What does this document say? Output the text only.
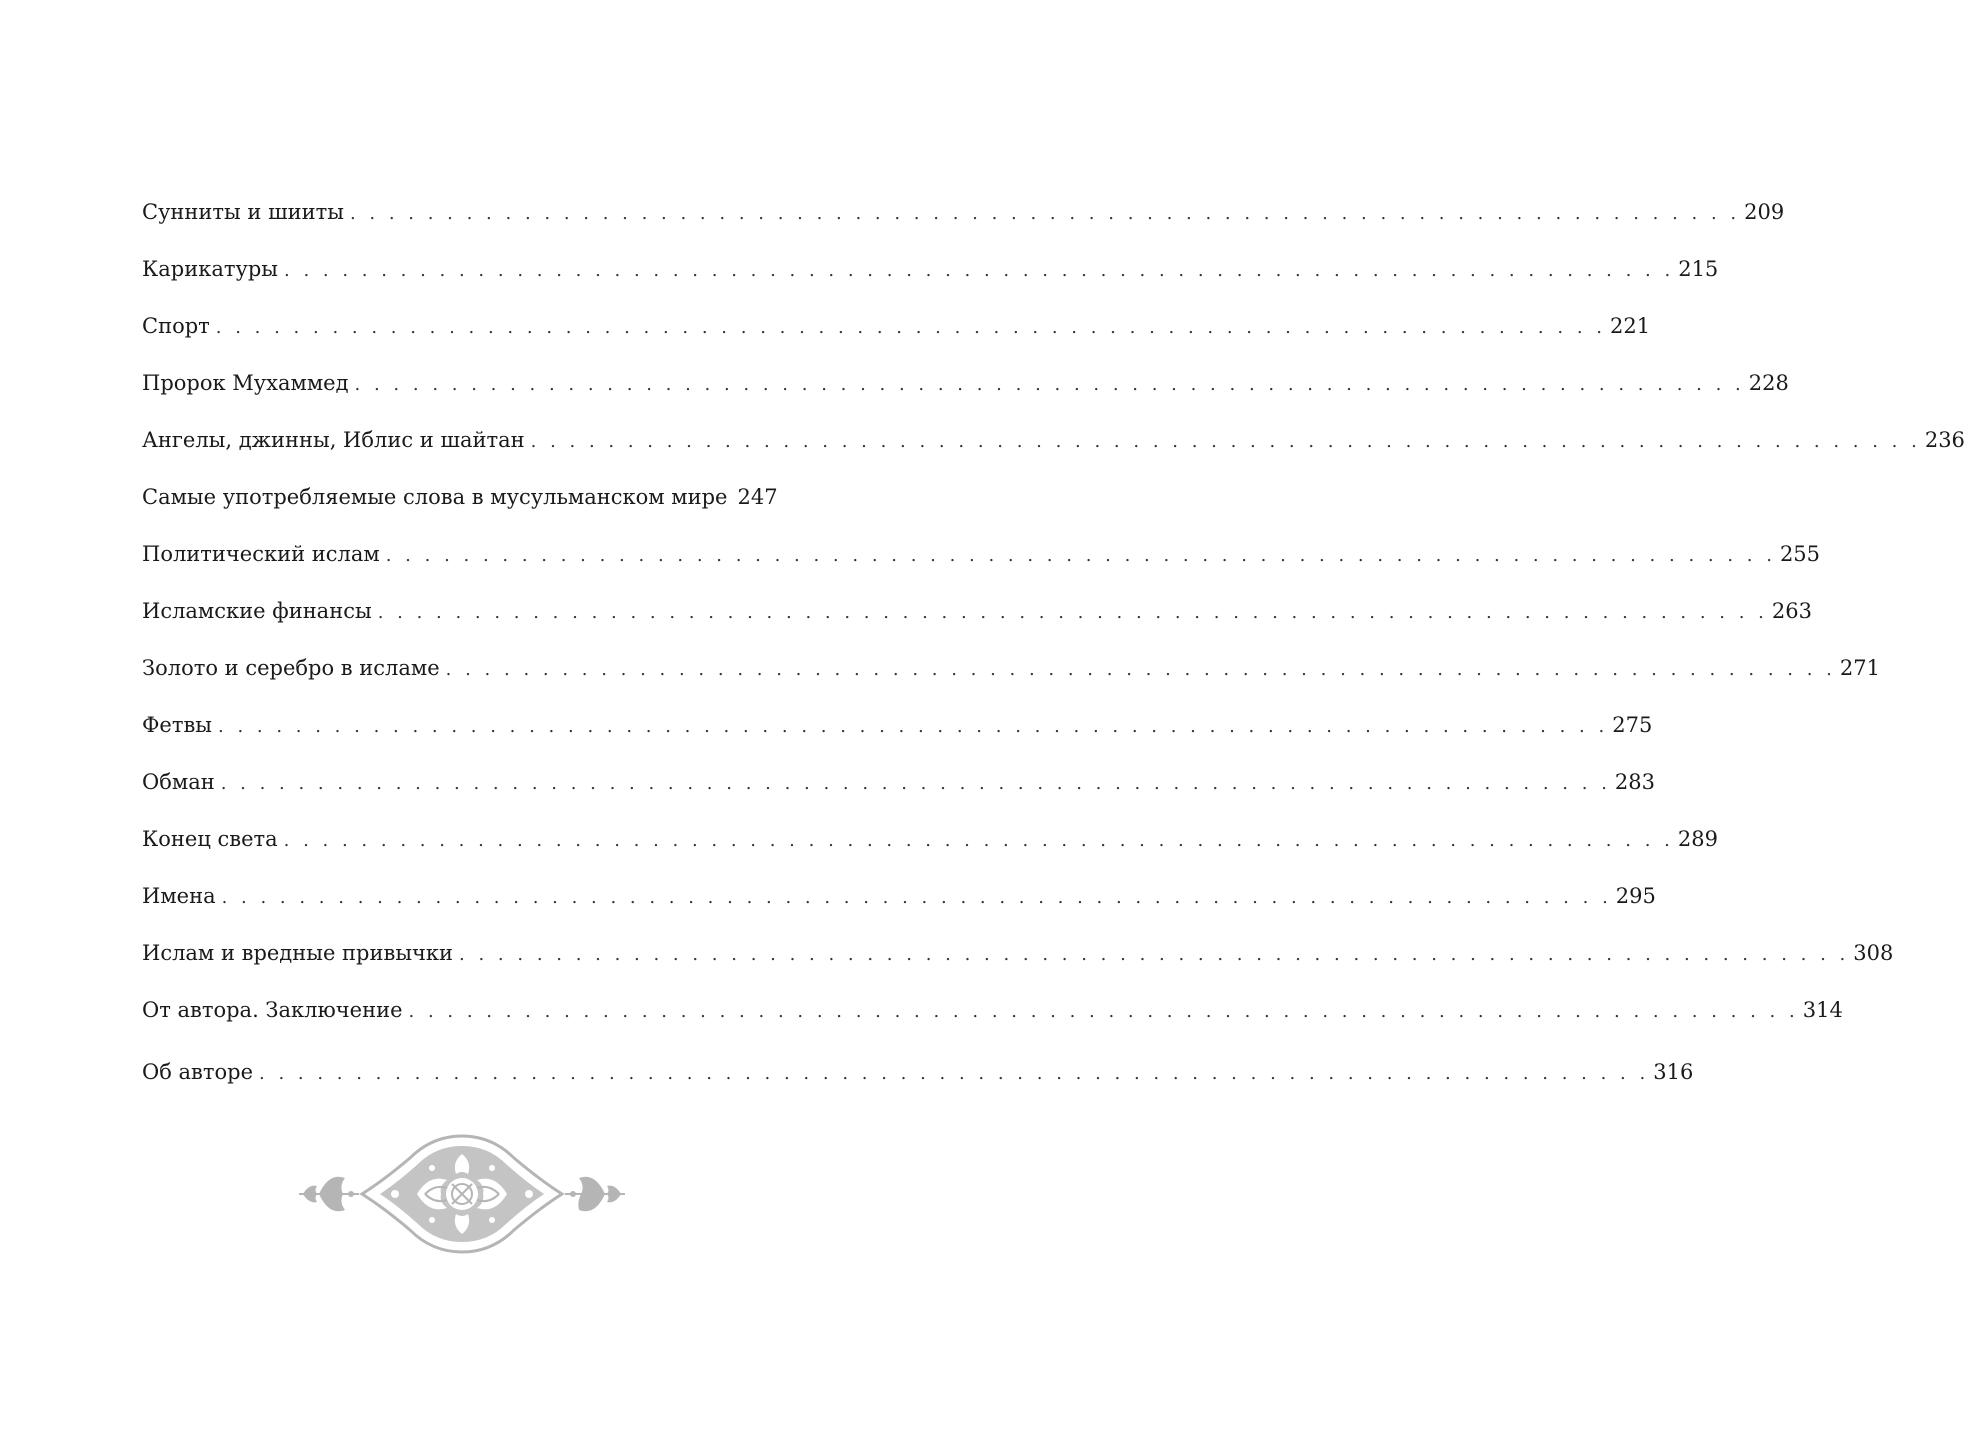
Сунниты и шииты . . .	209
Карикатуры . . .	215
Спорт . . .	221
Пророк Мухаммед . . .	228
Ангелы, джинны, Иблис и шайтан . . .	236
Самые употребляемые слова в мусульманском мире 247
Политический ислам . . .	255
Исламские финансы . . .	263
Золото и серебро в исламе . . .	271
Фетвы . . .	275
Обман . . .	283
Конец света . . .	289
Имена . . .	295
Ислам и вредные привычки . . .	308
От автора. Заключение . . .	314
Об авторе . . .	316
